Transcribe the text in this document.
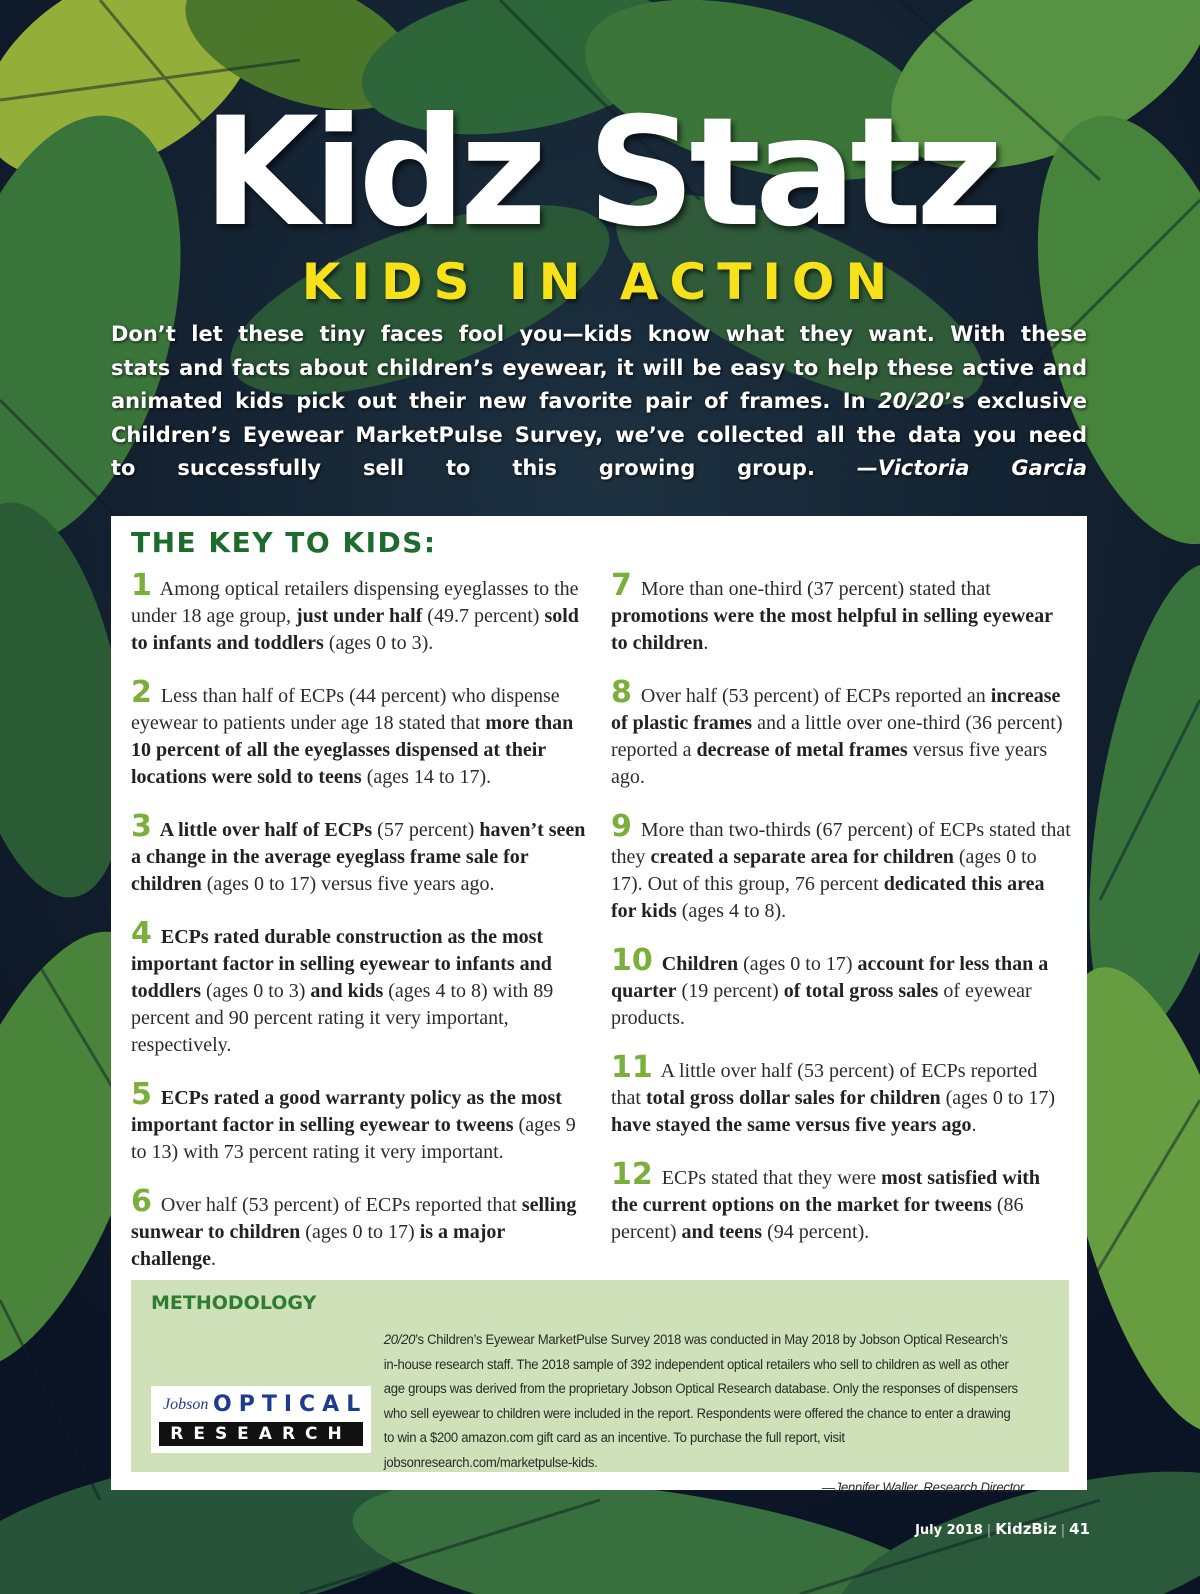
Kidz Statz
KIDS IN ACTION
Don’t let these tiny faces fool you—kids know what they want. With these
stats and facts about children’s eyewear, it will be easy to help these active and
animated kids pick out their new favorite pair of frames. In 20/20’s exclusive
Children’s Eyewear MarketPulse Survey, we’ve collected all the data you need
to successfully sell to this growing group. —Victoria Garcia
THE KEY TO KIDS:

1 Among optical retailers dispensing eyeglasses to the under 18 age group, just under half (49.7 percent) sold to infants and toddlers (ages 0 to 3).

2 Less than half of ECPs (44 percent) who dispense eyewear to patients under age 18 stated that more than 10 percent of all the eyeglasses dispensed at their locations were sold to teens (ages 14 to 17).

3 A little over half of ECPs (57 percent) haven’t seen a change in the average eyeglass frame sale for children (ages 0 to 17) versus five years ago.

4 ECPs rated durable construction as the most important factor in selling eyewear to infants and toddlers (ages 0 to 3) and kids (ages 4 to 8) with 89 percent and 90 percent rating it very important, respectively.

5 ECPs rated a good warranty policy as the most important factor in selling eyewear to tweens (ages 9 to 13) with 73 percent rating it very important.

6 Over half (53 percent) of ECPs reported that selling sunwear to children (ages 0 to 17) is a major challenge.

7 More than one-third (37 percent) stated that promotions were the most helpful in selling eyewear to children.

8 Over half (53 percent) of ECPs reported an increase of plastic frames and a little over one-third (36 percent) reported a decrease of metal frames versus five years ago.

9 More than two-thirds (67 percent) of ECPs stated that they created a separate area for children (ages 0 to 17). Out of this group, 76 percent dedicated this area for kids (ages 4 to 8).

10 Children (ages 0 to 17) account for less than a quarter (19 percent) of total gross sales of eyewear products.

11 A little over half (53 percent) of ECPs reported that total gross dollar sales for children (ages 0 to 17) have stayed the same versus five years ago.

12 ECPs stated that they were most satisfied with the current options on the market for tweens (86 percent) and teens (94 percent).

METHODOLOGY
20/20’s Children’s Eyewear MarketPulse Survey 2018 was conducted in May 2018 by Jobson Optical Research’s in-house research staff. The 2018 sample of 392 independent optical retailers who sell to children as well as other age groups was derived from the proprietary Jobson Optical Research database. Only the responses of dispensers who sell eyewear to children were included in the report. Respondents were offered the chance to enter a drawing to win a $200 amazon.com gift card as an incentive. To purchase the full report, visit jobsonresearch.com/marketpulse-kids.
—Jennifer Waller, Research Director
Jobson OPTICAL
RESEARCH
July 2018 | KidzBiz | 41
